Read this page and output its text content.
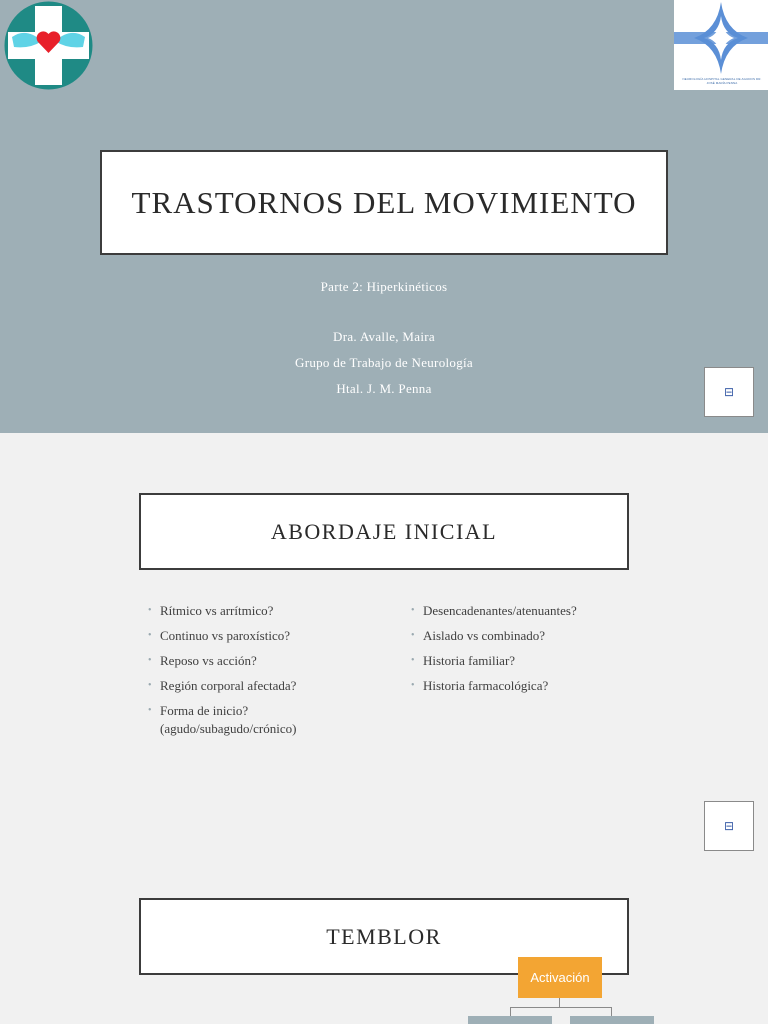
NEUROLOGÍA HOSPITAL GENERAL DE AGUDOS DR. JOSÉ MARÍA PENNA
TRASTORNOS DEL MOVIMIENTO
Parte 2: Hiperkinéticos
Dra. Avalle, Maira
Grupo de Trabajo de Neurología
Htal. J. M. Penna	⊟
ABORDAJE INICIAL
• Rítmico vs arrítmico?
• Continuo vs paroxístico?
• Reposo vs acción?
• Región corporal afectada?
• Forma de inicio? (agudo/subagudo/crónico)
• Desencadenantes/atenuantes?
• Aislado vs combinado?
• Historia familiar?
• Historia farmacológica?
⊟
TEMBLOR
Activación
